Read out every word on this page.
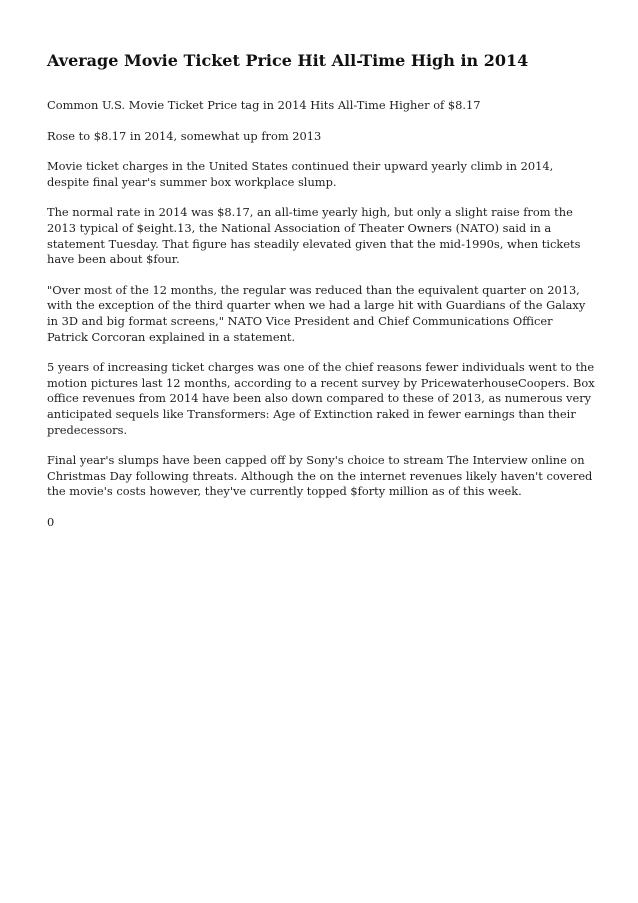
Average Movie Ticket Price Hit All-Time High in 2014

Common U.S. Movie Ticket Price tag in 2014 Hits All-Time Higher of $8.17

Rose to $8.17 in 2014, somewhat up from 2013

Movie ticket charges in the United States continued their upward yearly climb in 2014, despite final year's summer box workplace slump.

The normal rate in 2014 was $8.17, an all-time yearly high, but only a slight raise from the 2013 typical of $eight.13, the National Association of Theater Owners (NATO) said in a statement Tuesday. That figure has steadily elevated given that the mid-1990s, when tickets have been about $four.

"Over most of the 12 months, the regular was reduced than the equivalent quarter on 2013, with the exception of the third quarter when we had a large hit with Guardians of the Galaxy in 3D and big format screens," NATO Vice President and Chief Communications Officer Patrick Corcoran explained in a statement.

5 years of increasing ticket charges was one of the chief reasons fewer individuals went to the motion pictures last 12 months, according to a recent survey by PricewaterhouseCoopers. Box office revenues from 2014 have been also down compared to these of 2013, as numerous very anticipated sequels like Transformers: Age of Extinction raked in fewer earnings than their predecessors.

Final year's slumps have been capped off by Sony's choice to stream The Interview online on Christmas Day following threats. Although the on the internet revenues likely haven't covered the movie's costs however, they've currently topped $forty million as of this week.

0
